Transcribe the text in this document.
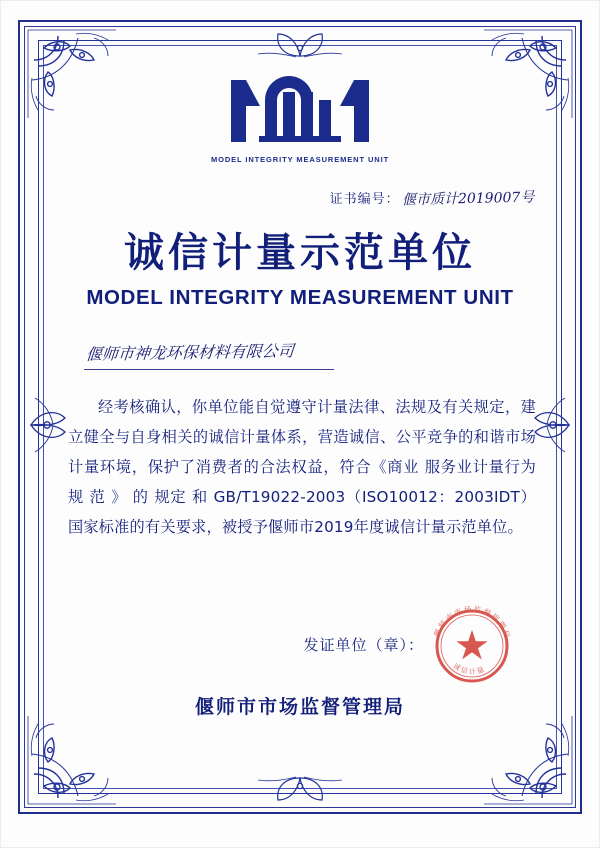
MODEL INTEGRITY MEASUREMENT UNIT
证书编号： 偃市质计2019007号
诚信计量示范单位
MODEL INTEGRITY MEASUREMENT UNIT
偃师市神龙环保材料有限公司
经考核确认，你单位能自觉遵守计量法律、法规及有关规定，建立健全与自身相关的诚信计量体系，营造诚信、公平竞争的和谐市场计量环境，保护了消费者的合法权益，符合《商业 服务业计量行为 规 范 》 的 规定 和 GB/T19022-2003（ISO10012：2003IDT）国家标准的有关要求，被授予偃师市2019年度诚信计量示范单位。
发证单位（章）：
偃师市市场监督管理局
诚信计量
偃师市市场监督管理局
